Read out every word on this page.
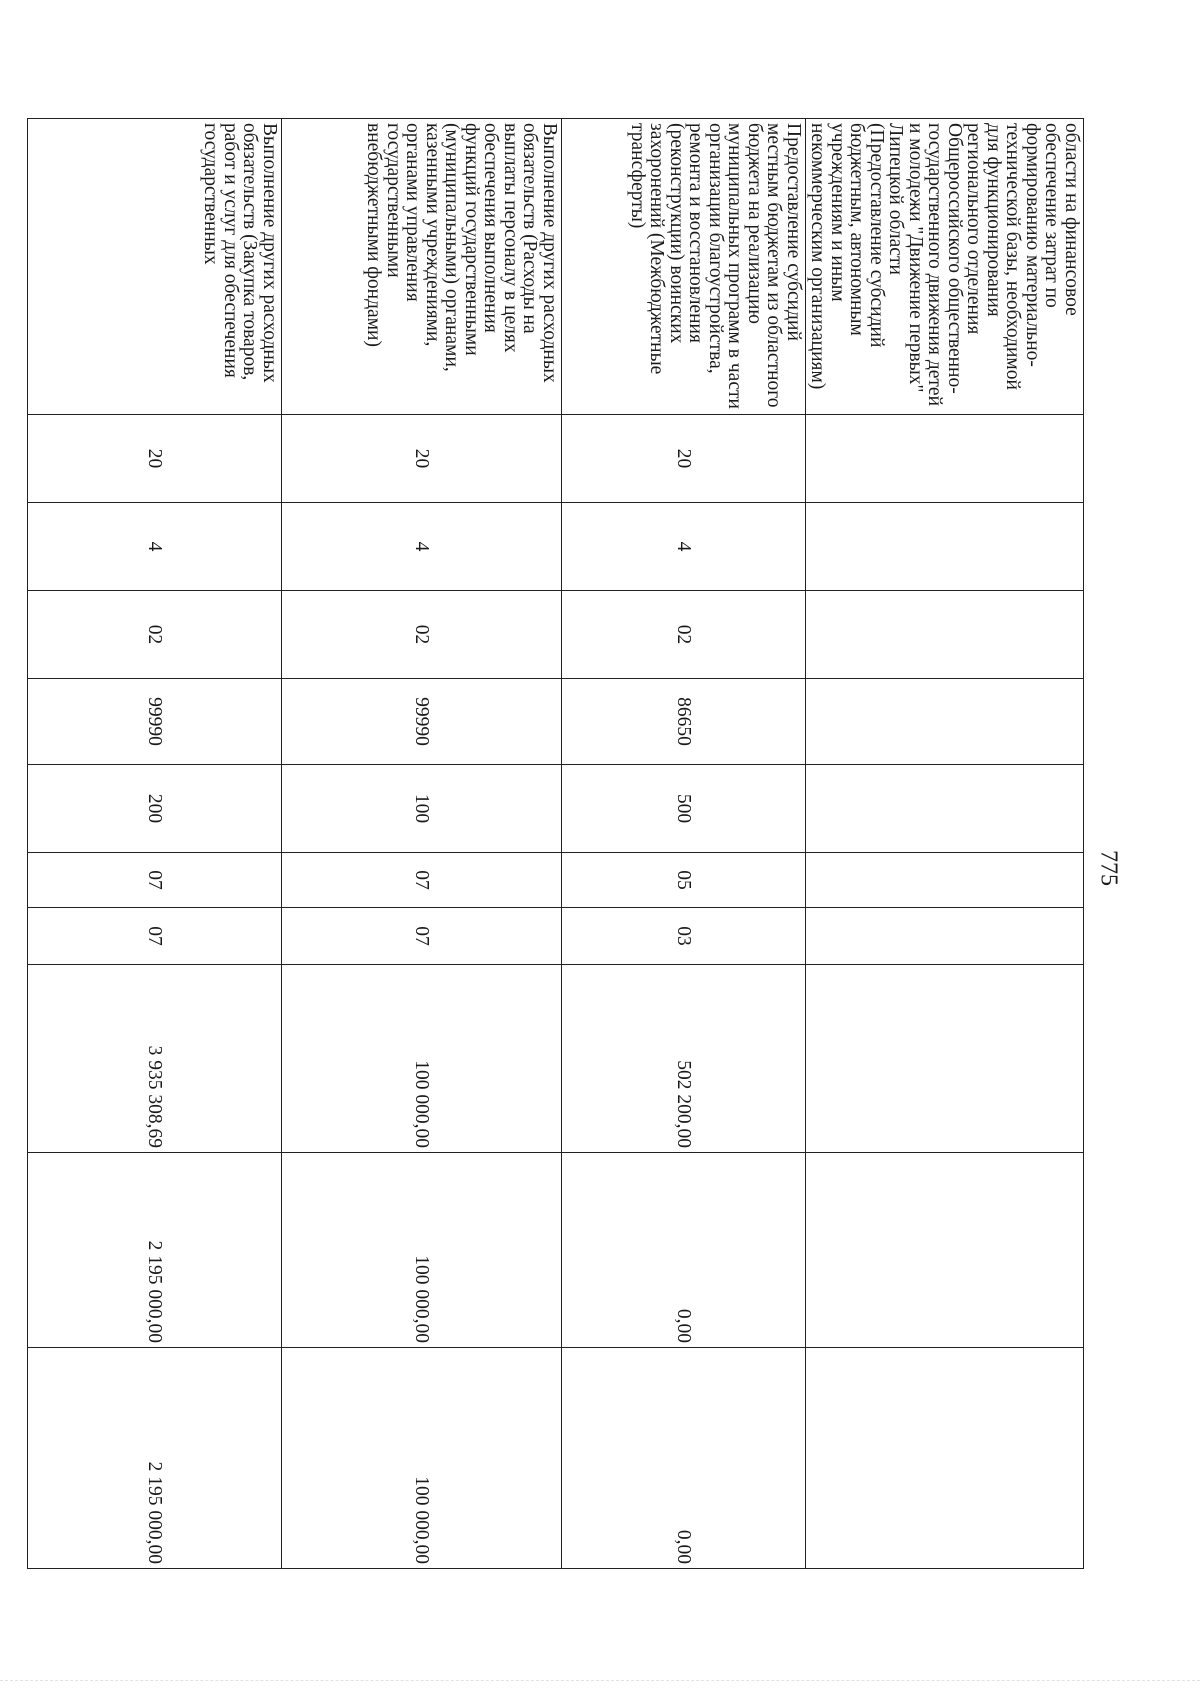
775
области на финансовое обеспечение затрат по формированию материально-технической базы, необходимой для функционирования регионального отделения Общероссийского общественно-государственного движения детей и молодежи "Движение первых" Липецкой области (Предоставление субсидий бюджетным, автономным учреждениям и иным некоммерческим организациям)										
Предоставление субсидий местным бюджетам из областного бюджета на реализацию муниципальных программ в части организации благоустройства, ремонта и восстановления (реконструкции) воинских захоронений (Межбюджетные трансферты)	20	4	02	86650	500	05	03	502 200,00	0,00	0,00
Выполнение других расходных обязательств (Расходы на выплаты персоналу в целях обеспечения выполнения функций государственными (муниципальными) органами, казенными учреждениями, органами управления государственными внебюджетными фондами)	20	4	02	99990	100	07	07	100 000,00	100 000,00	100 000,00
Выполнение других расходных обязательств (Закупка товаров, работ и услуг для обеспечения государственных	20	4	02	99990	200	07	07	3 935 308,69	2 195 000,00	2 195 000,00
